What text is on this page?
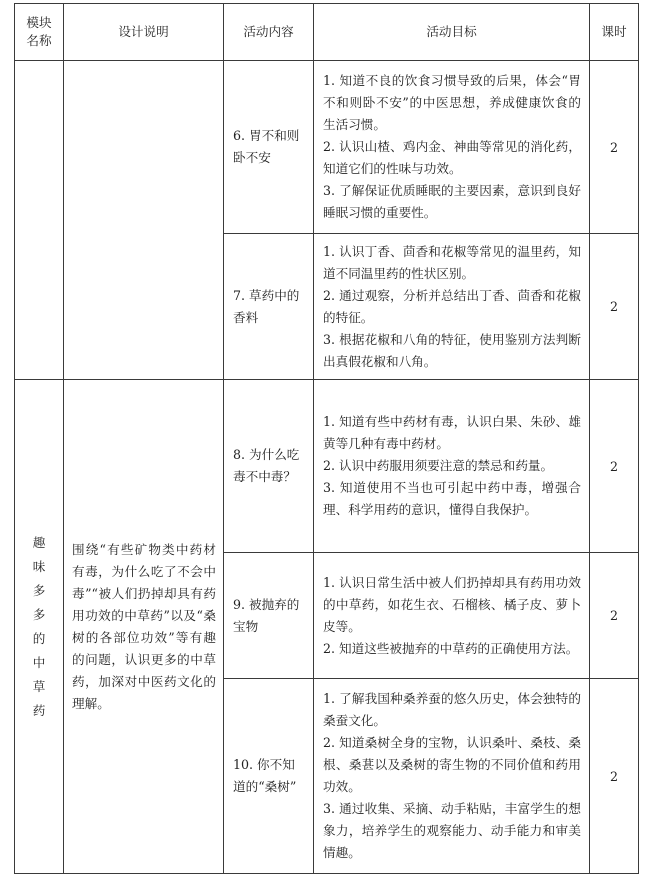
模块名称	设计说明	活动内容	活动目标	课时
		6. 胃不和则卧不安	1. 知道不良的饮食习惯导致的后果，体会“胃不和则卧不安”的中医思想，养成健康饮食的生活习惯。
2. 认识山楂、鸡内金、神曲等常见的消化药，知道它们的性味与功效。
3. 了解保证优质睡眠的主要因素，意识到良好睡眠习惯的重要性。	2
		7. 草药中的香料	1. 认识丁香、茴香和花椒等常见的温里药，知道不同温里药的性状区别。
2. 通过观察，分析并总结出丁香、茴香和花椒的特征。
3. 根据花椒和八角的特征，使用鉴别方法判断出真假花椒和八角。	2

趣味多多的中草药	围绕“有些矿物类中药材有毒，为什么吃了不会中毒”“被人们扔掉却具有药用功效的中草药”以及“桑树的各部位功效”等有趣的问题，认识更多的中草药，加深对中医药文化的理解。	8. 为什么吃毒不中毒？	1. 知道有些中药材有毒，认识白果、朱砂、雄黄等几种有毒中药材。
2. 认识中药服用须要注意的禁忌和药量。
3. 知道使用不当也可引起中药中毒，增强合理、科学用药的意识，懂得自我保护。	2
		9. 被抛弃的宝物	1. 认识日常生活中被人们扔掉却具有药用功效的中草药，如花生衣、石榴核、橘子皮、萝卜皮等。
2. 知道这些被抛弃的中草药的正确使用方法。	2
		10. 你不知道的“桑树”	1. 了解我国种桑养蚕的悠久历史，体会独特的桑蚕文化。
2. 知道桑树全身的宝物，认识桑叶、桑枝、桑根、桑葚以及桑树的寄生物的不同价值和药用功效。
3. 通过收集、采摘、动手粘贴，丰富学生的想象力，培养学生的观察能力、动手能力和审美情趣。	2
